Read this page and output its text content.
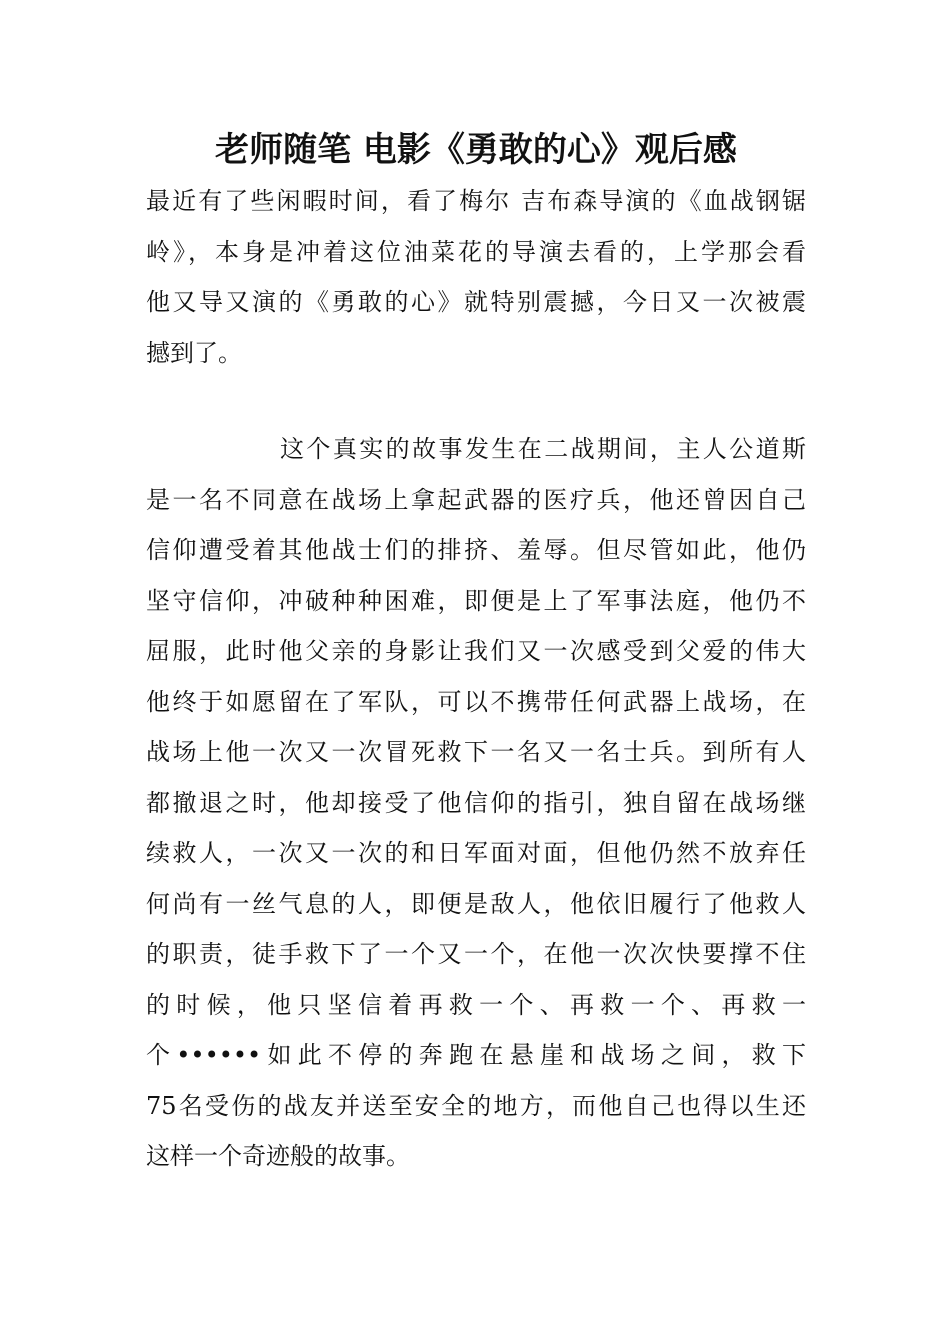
老师随笔 电影《勇敢的心》观后感
最近有了些闲暇时间，看了梅尔 吉布森导演的《血战钢锯
岭》，本身是冲着这位油菜花的导演去看的，上学那会看
他又导又演的《勇敢的心》就特别震撼，今日又一次被震
撼到了。
这个真实的故事发生在二战期间，主人公道斯
是一名不同意在战场上拿起武器的医疗兵，他还曾因自己
信仰遭受着其他战士们的排挤、羞辱。但尽管如此，他仍
坚守信仰，冲破种种困难，即便是上了军事法庭，他仍不
屈服，此时他父亲的身影让我们又一次感受到父爱的伟大
他终于如愿留在了军队，可以不携带任何武器上战场，在
战场上他一次又一次冒死救下一名又一名士兵。到所有人
都撤退之时，他却接受了他信仰的指引，独自留在战场继
续救人，一次又一次的和日军面对面，但他仍然不放弃任
何尚有一丝气息的人，即便是敌人，他依旧履行了他救人
的职责，徒手救下了一个又一个，在他一次次快要撑不住
的时候，他只坚信着再救一个、再救一个、再救一
个••••••如此不停的奔跑在悬崖和战场之间，救下
75名受伤的战友并送至安全的地方，而他自己也得以生还
这样一个奇迹般的故事。
